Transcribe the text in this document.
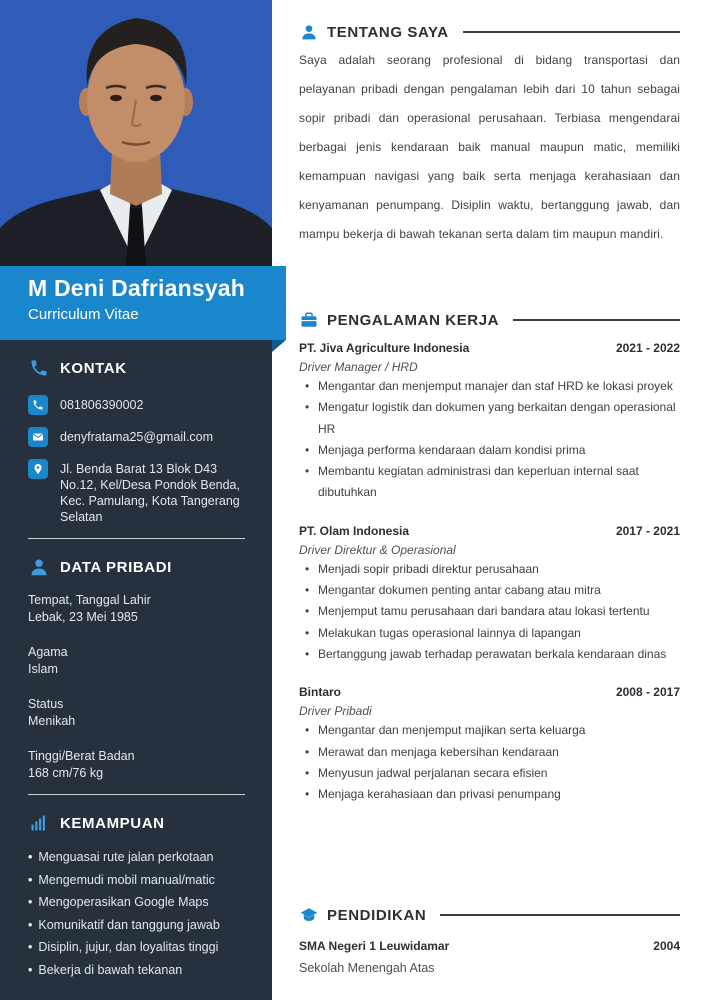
M Deni Dafriansyah
Curriculum Vitae
KONTAK
081806390002
denyfratama25@gmail.com
Jl. Benda Barat 13 Blok D43 No.12, Kel/Desa Pondok Benda, Kec. Pamulang, Kota Tangerang Selatan
DATA PRIBADI
Tempat, Tanggal Lahir
Lebak, 23 Mei 1985
Agama
Islam
Status
Menikah
Tinggi/Berat Badan
168 cm/76 kg
KEMAMPUAN
• Menguasai rute jalan perkotaan
• Mengemudi mobil manual/matic
• Mengoperasikan Google Maps
• Komunikatif dan tanggung jawab
• Disiplin, jujur, dan loyalitas tinggi
• Bekerja di bawah tekanan
TENTANG SAYA

Saya adalah seorang profesional di bidang transportasi dan pelayanan pribadi dengan pengalaman lebih dari 10 tahun sebagai sopir pribadi dan operasional perusahaan. Terbiasa mengendarai berbagai jenis kendaraan baik manual maupun matic, memiliki kemampuan navigasi yang baik serta menjaga kerahasiaan dan kenyamanan penumpang. Disiplin waktu, bertanggung jawab, dan mampu bekerja di bawah tekanan serta dalam tim maupun mandiri.

PENGALAMAN KERJA
PT. Jiva Agriculture Indonesia	2021 - 2022
Driver Manager / HRD
• Mengantar dan menjemput manajer dan staf HRD ke lokasi proyek
• Mengatur logistik dan dokumen yang berkaitan dengan operasional HR
• Menjaga performa kendaraan dalam kondisi prima
• Membantu kegiatan administrasi dan keperluan internal saat dibutuhkan
PT. Olam Indonesia	2017 - 2021
Driver Direktur & Operasional
• Menjadi sopir pribadi direktur perusahaan
• Mengantar dokumen penting antar cabang atau mitra
• Menjemput tamu perusahaan dari bandara atau lokasi tertentu
• Melakukan tugas operasional lainnya di lapangan
• Bertanggung jawab terhadap perawatan berkala kendaraan dinas
Bintaro	2008 - 2017
Driver Pribadi
• Mengantar dan menjemput majikan serta keluarga
• Merawat dan menjaga kebersihan kendaraan
• Menyusun jadwal perjalanan secara efisien
• Menjaga kerahasiaan dan privasi penumpang
PENDIDIKAN
SMA Negeri 1 Leuwidamar	2004
Sekolah Menengah Atas
